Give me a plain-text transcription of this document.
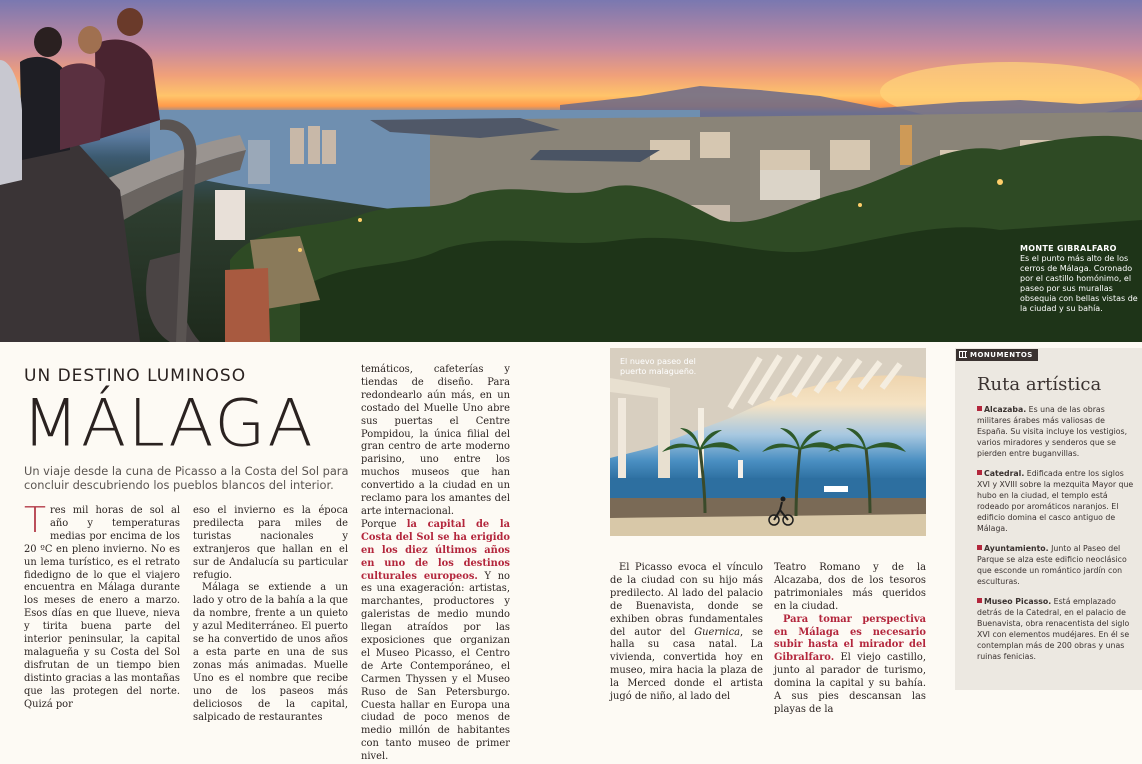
MONTE GIBRALFARO
Es el punto más alto de los cerros de Málaga. Coronado por el castillo homónimo, el paseo por sus murallas obsequia con bellas vistas de la ciudad y su bahía.
UN DESTINO LUMINOSO
MÁLAGA
Un viaje desde la cuna de Picasso a la Costa del Sol para concluir descubriendo los pueblos blancos del interior.

Tres mil horas de sol al año y temperaturas medias por encima de los 20 ºC en pleno invierno. No es un lema turístico, es el retrato fidedigno de lo que el viajero encuentra en Málaga durante los meses de enero a marzo. Esos días en que llueve, nieva y tirita buena parte del interior peninsular, la capital malagueña y su Costa del Sol disfrutan de un tiempo bien distinto gracias a las montañas que las protegen del norte. Quizá por

eso el invierno es la época predilecta para miles de turistas nacionales y extranjeros que hallan en el sur de Andalucía su particular refugio.

Málaga se extiende a un lado y otro de la bahía a la que da nombre, frente a un quieto y azul Mediterráneo. El puerto se ha convertido de unos años a esta parte en una de sus zonas más animadas. Muelle Uno es el nombre que recibe uno de los paseos más deliciosos de la capital, salpicado de restaurantes

temáticos, cafeterías y tiendas de diseño. Para redondearlo aún más, en un costado del Muelle Uno abre sus puertas el Centre Pompidou, la única filial del gran centro de arte moderno parisino, uno entre los muchos museos que han convertido a la ciudad en un reclamo para los amantes del arte internacional.

Porque la capital de la Costa del Sol se ha erigido en los diez últimos años en uno de los destinos culturales europeos. Y no es una exageración: artistas, marchantes, productores y galeristas de medio mundo llegan atraídos por las exposiciones que organizan el Museo Picasso, el Centro de Arte Contemporáneo, el Carmen Thyssen y el Museo Ruso de San Petersburgo. Cuesta hallar en Europa una ciudad de poco menos de medio millón de habitantes con tanto museo de primer nivel.

El nuevo paseo del puerto malagueño.

El Picasso evoca el vínculo de la ciudad con su hijo más predilecto. Al lado del palacio de Buenavista, donde se exhiben obras fundamentales del autor del Guernica, se halla su casa natal. La vivienda, convertida hoy en museo, mira hacia la plaza de la Merced donde el artista jugó de niño, al lado del

Teatro Romano y de la Alcazaba, dos de los tesoros patrimoniales más queridos en la ciudad.

Para tomar perspectiva en Málaga es necesario subir hasta el mirador del Gibralfaro. El viejo castillo, junto al parador de turismo, domina la capital y su bahía. A sus pies descansan las playas de la

MONUMENTOS
Ruta artística
Alcazaba. Es una de las obras militares árabes más valiosas de España. Su visita incluye los vestigios, varios miradores y senderos que se pierden entre buganvillas.
Catedral. Edificada entre los siglos XVI y XVIII sobre la mezquita Mayor que hubo en la ciudad, el templo está rodeado por aromáticos naranjos. El edificio domina el casco antiguo de Málaga.
Ayuntamiento. Junto al Paseo del Parque se alza este edificio neoclásico que esconde un romántico jardín con esculturas.
Museo Picasso. Está emplazado detrás de la Catedral, en el palacio de Buenavista, obra renacentista del siglo XVI con elementos mudéjares. En él se contemplan más de 200 obras y unas ruinas fenicias.
